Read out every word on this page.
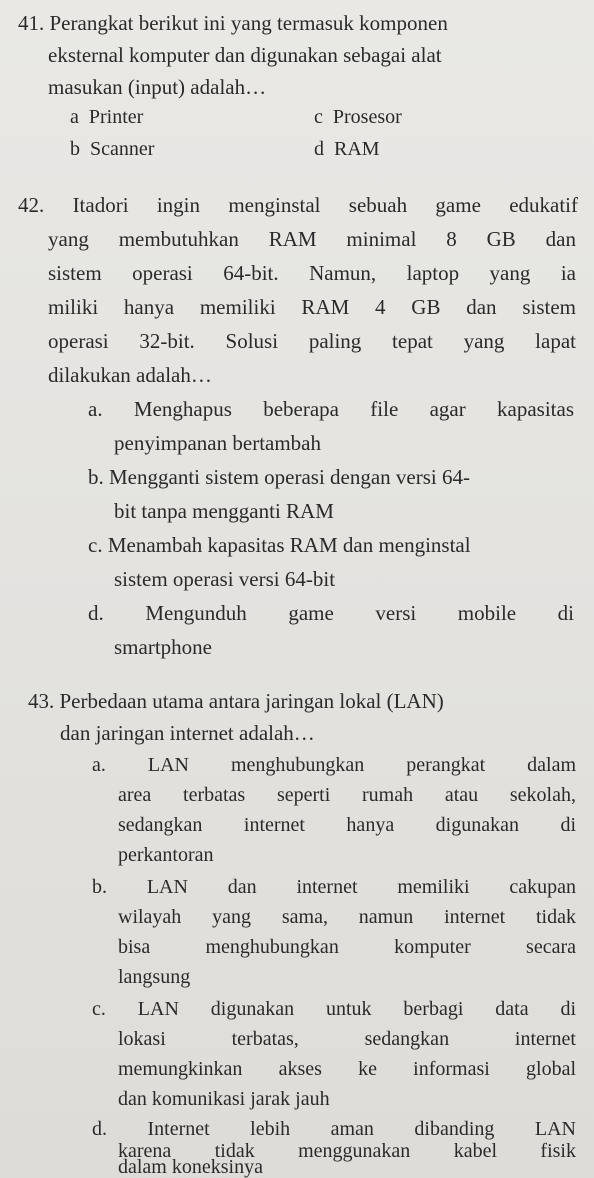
41. Perangkat berikut ini yang termasuk komponen
eksternal komputer dan digunakan sebagai alat
masukan (input) adalah…
a Printer
b Scanner
c Prosesor
d RAM
42. Itadori ingin menginstal sebuah game edukatif
yang membutuhkan RAM minimal 8 GB dan
sistem operasi 64-bit. Namun, laptop yang ia
miliki hanya memiliki RAM 4 GB dan sistem
operasi 32-bit. Solusi paling tepat yang lapat
dilakukan adalah…
a. Menghapus beberapa file agar kapasitas
penyimpanan bertambah
b. Mengganti sistem operasi dengan versi 64-
bit tanpa mengganti RAM
c. Menambah kapasitas RAM dan menginstal
sistem operasi versi 64-bit
d. Mengunduh game versi mobile di
smartphone
43. Perbedaan utama antara jaringan lokal (LAN)
dan jaringan internet adalah…
a. LAN menghubungkan perangkat dalam
area terbatas seperti rumah atau sekolah,
sedangkan internet hanya digunakan di
perkantoran
b. LAN dan internet memiliki cakupan
wilayah yang sama, namun internet tidak
bisa menghubungkan komputer secara
langsung
c. LAN digunakan untuk berbagi data di
lokasi terbatas, sedangkan internet
memungkinkan akses ke informasi global
dan komunikasi jarak jauh
d. Internet lebih aman dibanding LAN
karena tidak menggunakan kabel fisik
dalam koneksinya
